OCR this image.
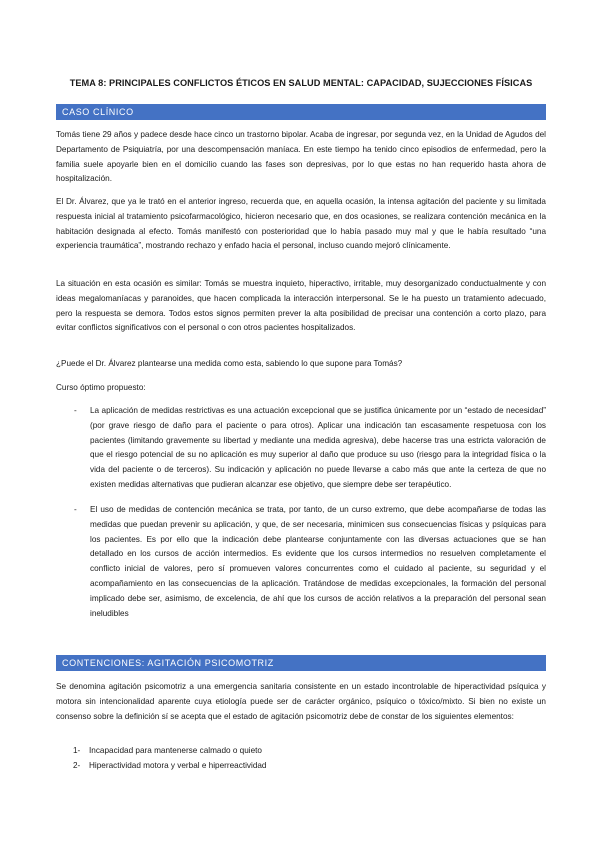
TEMA 8: PRINCIPALES CONFLICTOS ÉTICOS EN SALUD MENTAL: CAPACIDAD, SUJECCIONES FÍSICAS
CASO CLÍNICO

Tomás tiene 29 años y padece desde hace cinco un trastorno bipolar. Acaba de ingresar, por segunda vez, en la Unidad de Agudos del Departamento de Psiquiatría, por una descompensación maníaca. En este tiempo ha tenido cinco episodios de enfermedad, pero la familia suele apoyarle bien en el domicilio cuando las fases son depresivas, por lo que estas no han requerido hasta ahora de hospitalización.

El Dr. Álvarez, que ya le trató en el anterior ingreso, recuerda que, en aquella ocasión, la intensa agitación del paciente y su limitada respuesta inicial al tratamiento psicofarmacológico, hicieron necesario que, en dos ocasiones, se realizara contención mecánica en la habitación designada al efecto. Tomás manifestó con posterioridad que lo había pasado muy mal y que le había resultado “una experiencia traumática”, mostrando rechazo y enfado hacia el personal, incluso cuando mejoró clínicamente.

La situación en esta ocasión es similar: Tomás se muestra inquieto, hiperactivo, irritable, muy desorganizado conductualmente y con ideas megalomaníacas y paranoides, que hacen complicada la interacción interpersonal. Se le ha puesto un tratamiento adecuado, pero la respuesta se demora. Todos estos signos permiten prever la alta posibilidad de precisar una contención a corto plazo, para evitar conflictos significativos con el personal o con otros pacientes hospitalizados.

¿Puede el Dr. Álvarez plantearse una medida como esta, sabiendo lo que supone para Tomás?

Curso óptimo propuesto:

- La aplicación de medidas restrictivas es una actuación excepcional que se justifica únicamente por un “estado de necesidad” (por grave riesgo de daño para el paciente o para otros). Aplicar una indicación tan escasamente respetuosa con los pacientes (limitando gravemente su libertad y mediante una medida agresiva), debe hacerse tras una estricta valoración de que el riesgo potencial de su no aplicación es muy superior al daño que produce su uso (riesgo para la integridad física o la vida del paciente o de terceros). Su indicación y aplicación no puede llevarse a cabo más que ante la certeza de que no existen medidas alternativas que pudieran alcanzar ese objetivo, que siempre debe ser terapéutico.

- El uso de medidas de contención mecánica se trata, por tanto, de un curso extremo, que debe acompañarse de todas las medidas que puedan prevenir su aplicación, y que, de ser necesaria, minimicen sus consecuencias físicas y psíquicas para los pacientes. Es por ello que la indicación debe plantearse conjuntamente con las diversas actuaciones que se han detallado en los cursos de acción intermedios. Es evidente que los cursos intermedios no resuelven completamente el conflicto inicial de valores, pero sí promueven valores concurrentes como el cuidado al paciente, su seguridad y el acompañamiento en las consecuencias de la aplicación. Tratándose de medidas excepcionales, la formación del personal implicado debe ser, asimismo, de excelencia, de ahí que los cursos de acción relativos a la preparación del personal sean ineludibles

CONTENCIONES: AGITACIÓN PSICOMOTRIZ

Se denomina agitación psicomotriz a una emergencia sanitaria consistente en un estado incontrolable de hiperactividad psíquica y motora sin intencionalidad aparente cuya etiología puede ser de carácter orgánico, psíquico o tóxico/mixto. Si bien no existe un consenso sobre la definición sí se acepta que el estado de agitación psicomotriz debe de constar de los siguientes elementos:

1- Incapacidad para mantenerse calmado o quieto
2- Hiperactividad motora y verbal e hiperreactividad
